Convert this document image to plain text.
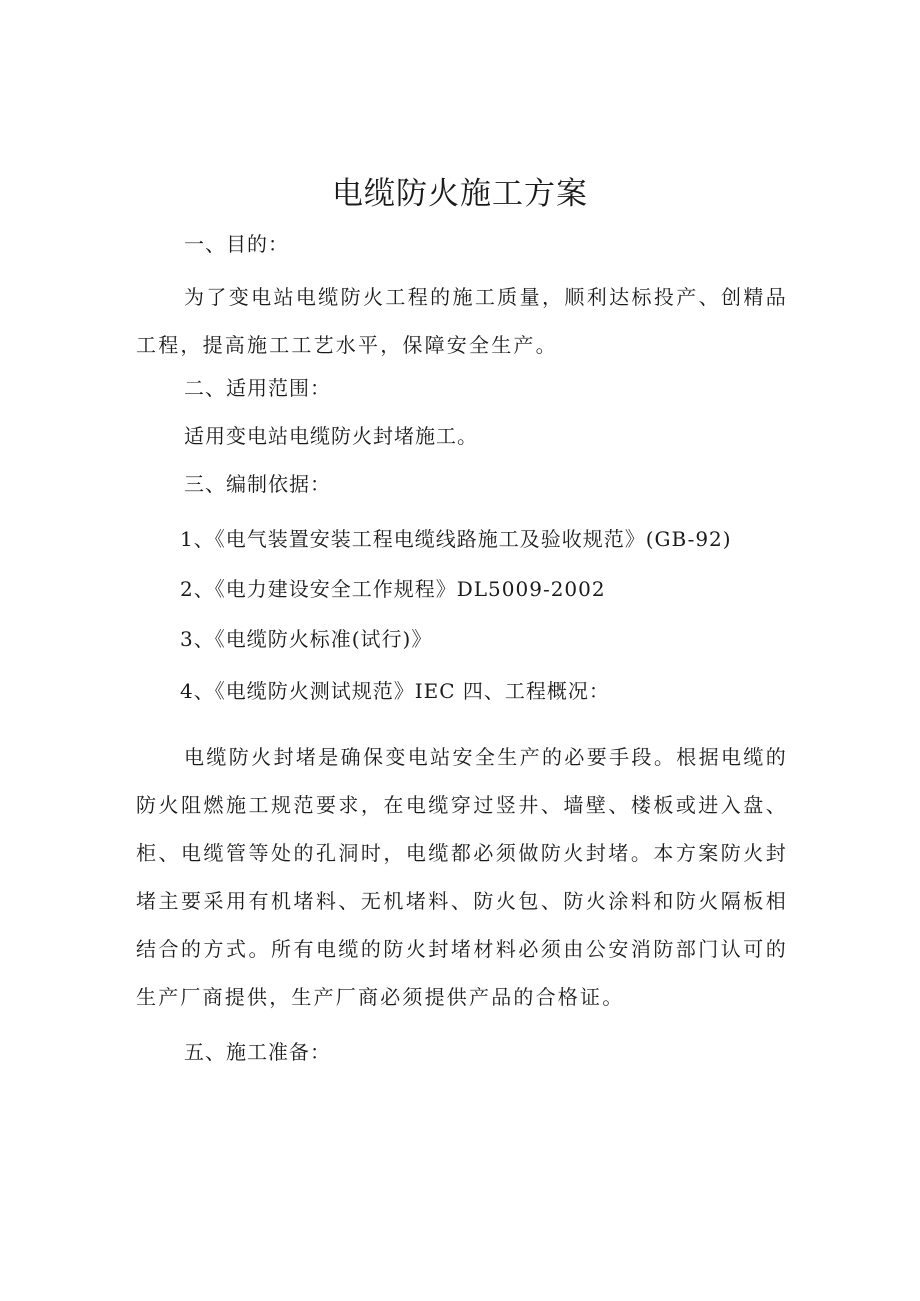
电缆防火施工方案
一、目的：
为了变电站电缆防火工程的施工质量，顺利达标投产、创精品工程，提高施工工艺水平，保障安全生产。
二、适用范围：
适用变电站电缆防火封堵施工。
三、编制依据：
1、《电气装置安装工程电缆线路施工及验收规范》(GB-92)
2、《电力建设安全工作规程》DL5009-2002
3、《电缆防火标准(试行)》
4、《电缆防火测试规范》IEC 四、工程概况：
电缆防火封堵是确保变电站安全生产的必要手段。根据电缆的防火阻燃施工规范要求，在电缆穿过竖井、墙壁、楼板或进入盘、柜、电缆管等处的孔洞时，电缆都必须做防火封堵。本方案防火封堵主要采用有机堵料、无机堵料、防火包、防火涂料和防火隔板相结合的方式。所有电缆的防火封堵材料必须由公安消防部门认可的生产厂商提供，生产厂商必须提供产品的合格证。
五、施工准备：
